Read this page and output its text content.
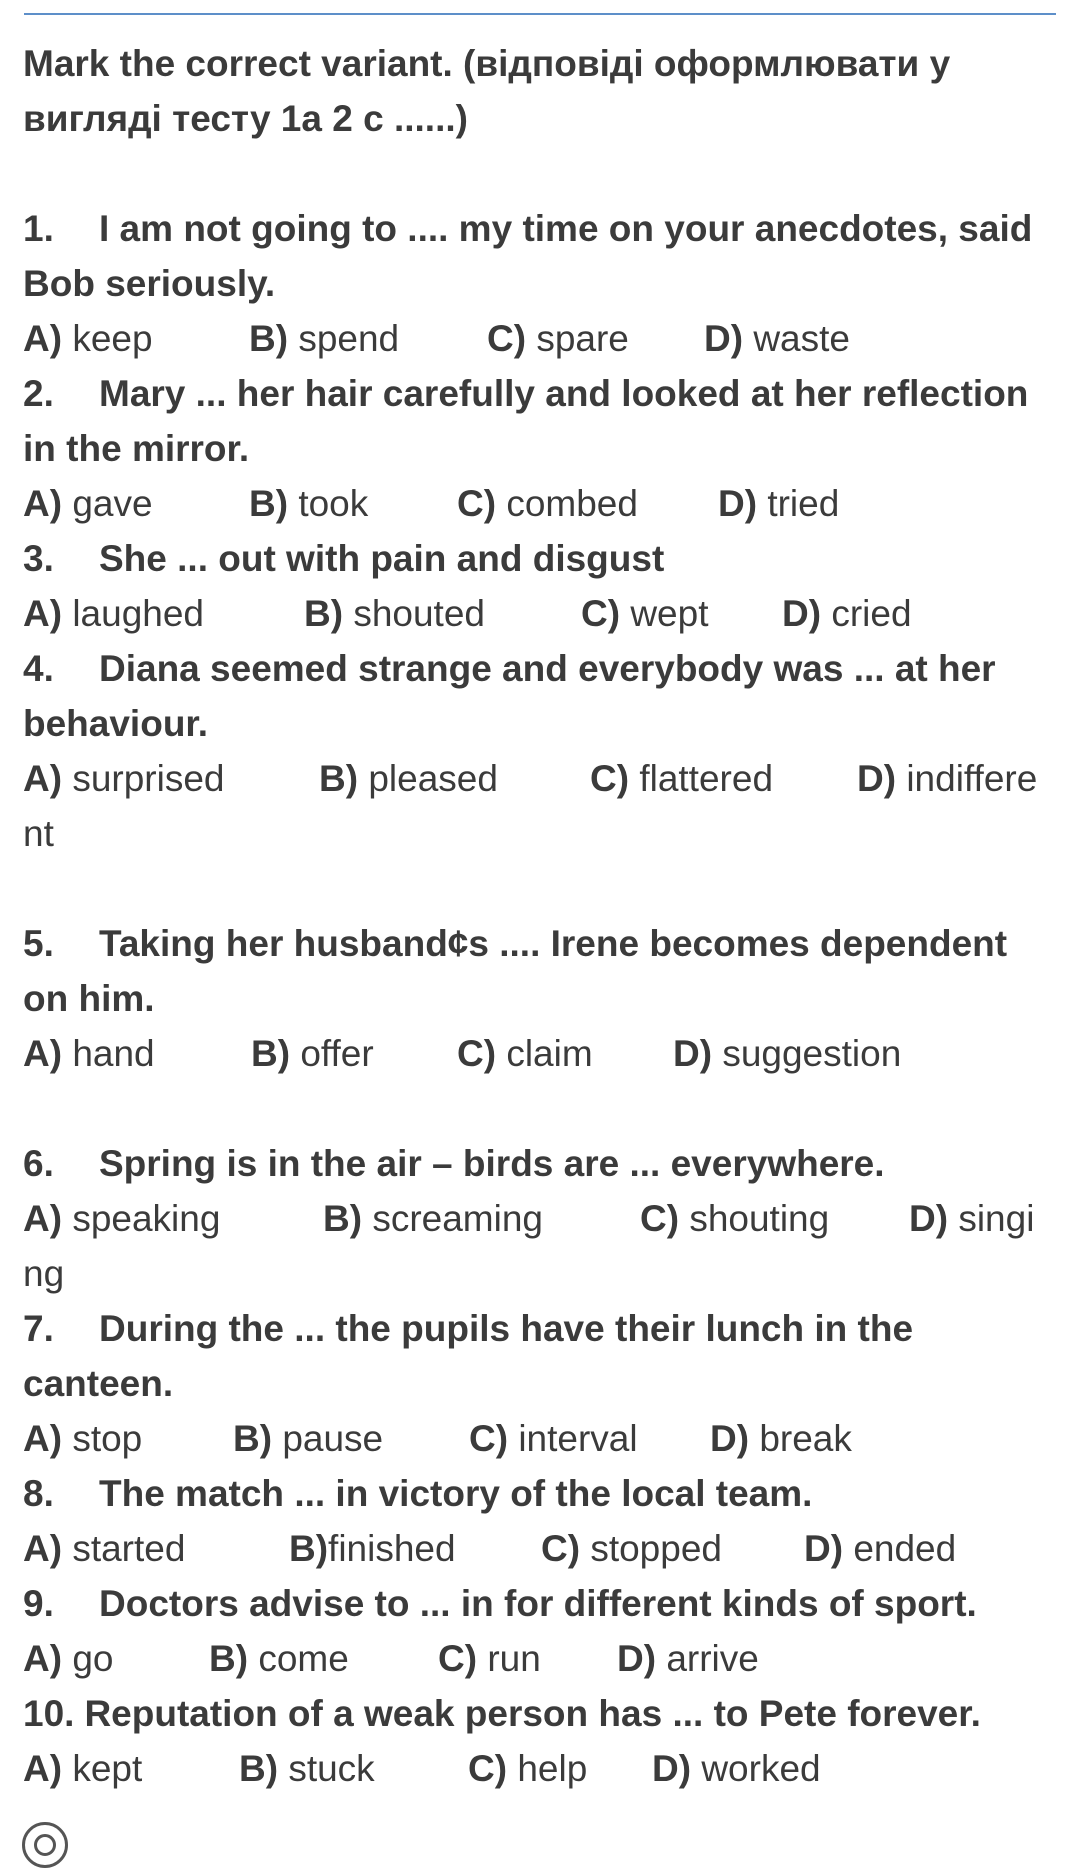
Mark the correct variant. (відповіді оформлювати у
вигляді тесту 1а 2 с ......)
1. I am not going to .... my time on your anecdotes, said Bob seriously.
A) keep	B) spend C) spare D) waste
2. Mary ... her hair carefully and looked at her reflection in the mirror.
A) gave	B) took C) combed D) tried
3. She ... out with pain and disgust
A) laughed	B) shouted	C) wept D) cried
4. Diana seemed strange and everybody was ... at her behaviour.
A) surprised	B) pleased C) flattered D) indiffere
nt
5. Taking her husband¢s .... Irene becomes dependent on him.
A) hand	B) offer C) claim D) suggestion
6. Spring is in the air – birds are ... everywhere.
A) speaking	B) screaming	C) shouting D) singi
ng
7. During the ... the pupils have their lunch in the canteen.
A) stop B) pause C) interval D) break
8. The match ... in victory of the local team.
A) started	B)finished C) stopped D) ended
9. Doctors advise to ... in for different kinds of sport.
A) go	B) come C) run D) arrive
10. Reputation of a weak person has ... to Pete forever.
A) kept	B) stuck	C) help D) worked
